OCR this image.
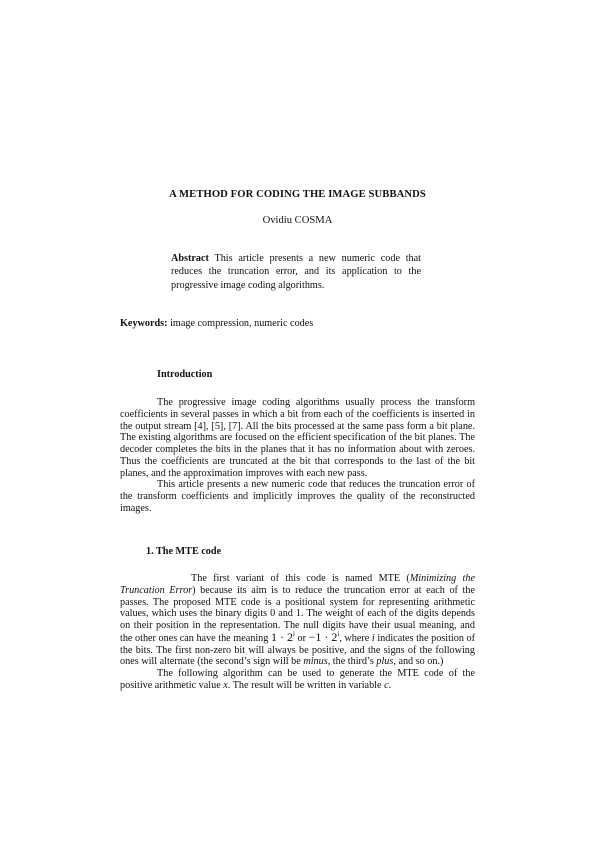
A METHOD FOR CODING THE IMAGE SUBBANDS
Ovidiu COSMA
Abstract This article presents a new numeric code that reduces the truncation error, and its application to the progressive image coding algorithms.
Keywords: image compression, numeric codes
Introduction

The progressive image coding algorithms usually process the transform coefficients in several passes in which a bit from each of the coefficients is inserted in the output stream [4], [5], [7]. All the bits processed at the same pass form a bit plane. The existing algorithms are focused on the efficient specification of the bit planes. The decoder completes the bits in the planes that it has no information about with zeroes. Thus the coefficients are truncated at the bit that corresponds to the last of the bit planes, and the approximation improves with each new pass.

This article presents a new numeric code that reduces the truncation error of the transform coefficients and implicitly improves the quality of the reconstructed images.

1. The MTE code

The first variant of this code is named MTE (Minimizing the Truncation Error) because its aim is to reduce the truncation error at each of the passes. The proposed MTE code is a positional system for representing arithmetic values, which uses the binary digits 0 and 1. The weight of each of the digits depends on their position in the representation. The null digits have their usual meaning, and the other ones can have the meaning $1 \cdot 2^i$ or $-1 \cdot 2^i$, where i indicates the position of the bits. The first non-zero bit will always be positive, and the signs of the following ones will alternate (the second’s sign will be minus, the third’s plus, and so on.)

The following algorithm can be used to generate the MTE code of the positive arithmetic value x. The result will be written in variable c.
